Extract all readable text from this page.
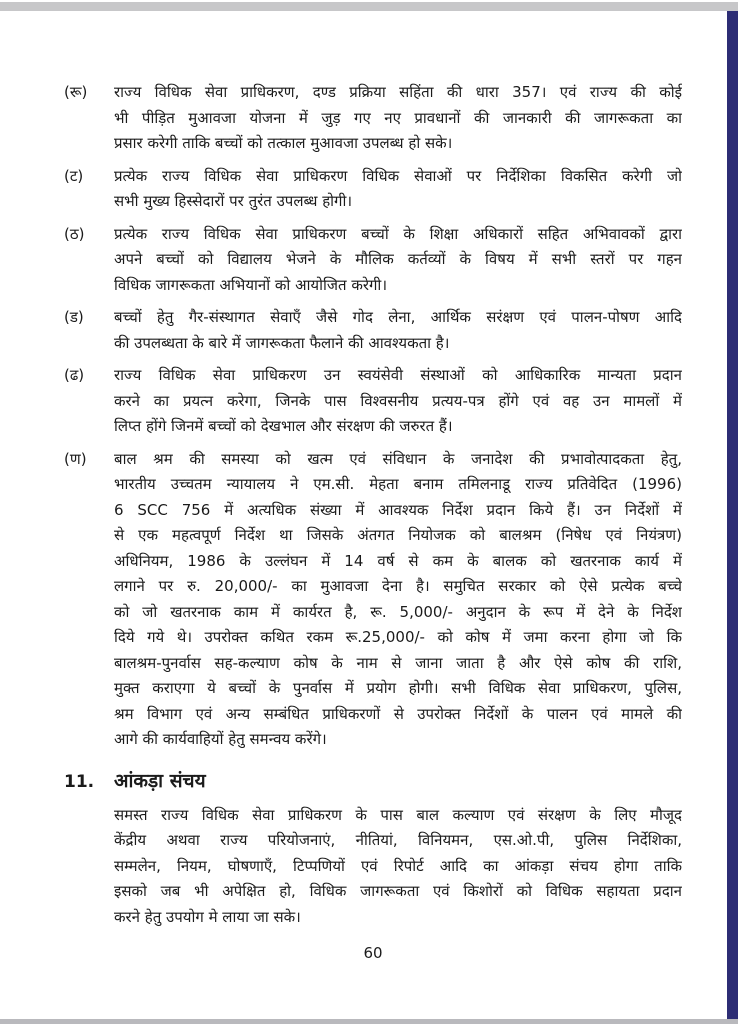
(रू)	राज्य विधिक सेवा प्राधिकरण, दण्ड प्रक्रिया सहिंता की धारा 357। एवं राज्य की कोई
भी पीड़ित मुआवजा योजना में जुड़ गए नए प्रावधानों की जानकारी की जागरूकता का
प्रसार करेगी ताकि बच्चों को तत्काल मुआवजा उपलब्ध हो सके।
(ट)	प्रत्येक राज्य विधिक सेवा प्राधिकरण विधिक सेवाओं पर निर्देशिका विकसित करेगी जो
सभी मुख्य हिस्सेदारों पर तुरंत उपलब्ध होगी।
(ठ)	प्रत्येक राज्य विधिक सेवा प्राधिकरण बच्चों के शिक्षा अधिकारों सहित अभिवावकों द्वारा
अपने बच्चों को विद्यालय भेजने के मौलिक कर्तव्यों के विषय में सभी स्तरों पर गहन
विधिक जागरूकता अभियानों को आयोजित करेगी।
(ड)	बच्चों हेतु गैर-संस्थागत सेवाएँ जैसे गोद लेना, आर्थिक सरंक्षण एवं पालन-पोषण आदि
की उपलब्धता के बारे में जागरूकता फैलाने की आवश्यकता है।
(ढ)	राज्य विधिक सेवा प्राधिकरण उन स्वयंसेवी संस्थाओं को आधिकारिक मान्यता प्रदान
करने का प्रयत्न करेगा, जिनके पास विश्वसनीय प्रत्यय-पत्र होंगे एवं वह उन मामलों में
लिप्त होंगे जिनमें बच्चों को देखभाल और संरक्षण की जरुरत हैं।
(ण)	बाल श्रम की समस्या को खत्म एवं संविधान के जनादेश की प्रभावोत्पादकता हेतु,
भारतीय उच्चतम न्यायालय ने एम.सी. मेहता बनाम तमिलनाडू राज्य प्रतिवेदित (1996)
6 SCC 756 में अत्यधिक संख्या में आवश्यक निर्देश प्रदान किये हैं। उन निर्देशों में
से एक महत्वपूर्ण निर्देश था जिसके अंतगत नियोजक को बालश्रम (निषेध एवं नियंत्रण)
अधिनियम, 1986 के उल्लंघन में 14 वर्ष से कम के बालक को खतरनाक कार्य में
लगाने पर रु. 20,000/- का मुआवजा देना है। समुचित सरकार को ऐसे प्रत्येक बच्चे
को जो खतरनाक काम में कार्यरत है, रू. 5,000/- अनुदान के रूप में देने के निर्देश
दिये गये थे। उपरोक्त कथित रकम रू.25,000/- को कोष में जमा करना होगा जो कि
बालश्रम-पुनर्वास सह-कल्याण कोष के नाम से जाना जाता है और ऐसे कोष की राशि,
मुक्त कराएगा ये बच्चों के पुनर्वास में प्रयोग होगी। सभी विधिक सेवा प्राधिकरण, पुलिस,
श्रम विभाग एवं अन्य सम्बंधित प्राधिकरणों से उपरोक्त निर्देशों के पालन एवं मामले की
आगे की कार्यवाहियों हेतु समन्वय करेंगे।
11.	आंकड़ा संचय
समस्त राज्य विधिक सेवा प्राधिकरण के पास बाल कल्याण एवं संरक्षण के लिए मौजूद
केंद्रीय अथवा राज्य परियोजनाएं, नीतियां, विनियमन, एस.ओ.पी, पुलिस निर्देशिका,
सम्मलेन, नियम, घोषणाएँ, टिप्पणियों एवं रिपोर्ट आदि का आंकड़ा संचय होगा ताकि
इसको जब भी अपेक्षित हो, विधिक जागरूकता एवं किशोरों को विधिक सहायता प्रदान
करने हेतु उपयोग मे लाया जा सके।
60
